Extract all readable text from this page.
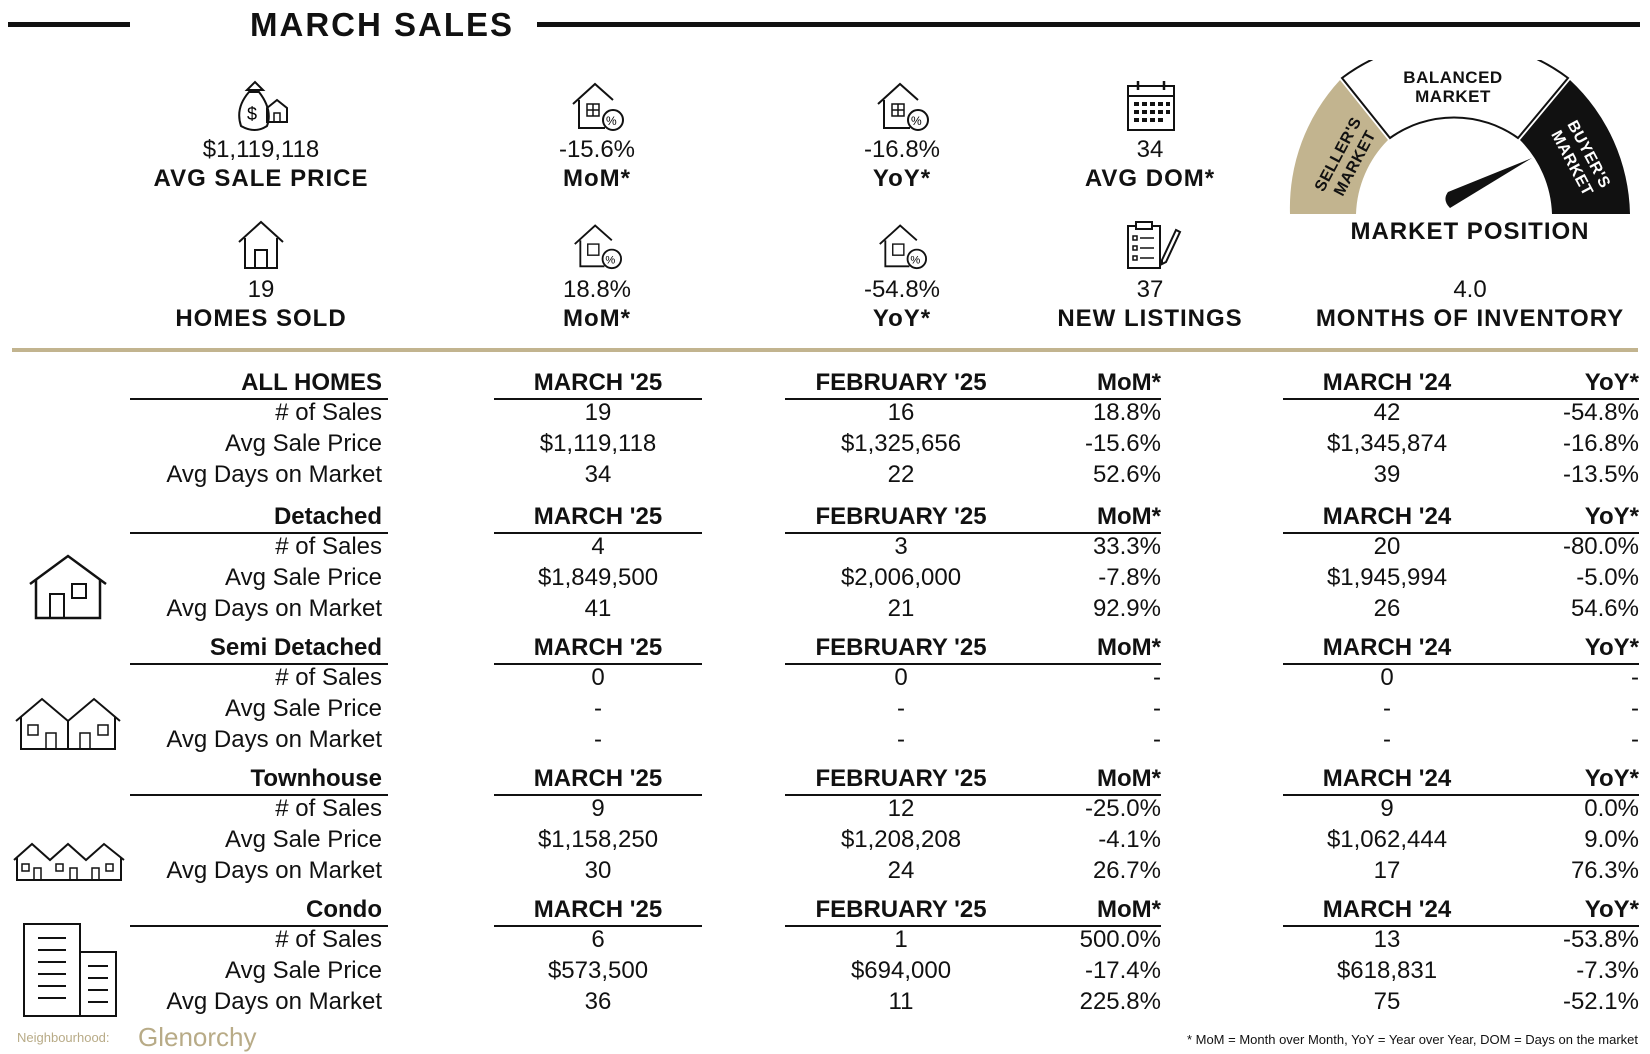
MARCH SALES
$
$1,119,118
AVG SALE PRICE
%
-15.6%
MoM*
%
-16.8%
YoY*
34
AVG DOM*
19
HOMES SOLD
%
18.8%
MoM*
%
-54.8%
YoY*
37
NEW LISTINGS
BALANCED
MARKET
SELLER'S MARKET	BUYER'S MARKET
MARKET POSITION
4.0
MONTHS OF INVENTORY
ALL HOMES	MARCH '25	FEBRUARY '25	MoM*	MARCH '24	YoY*
# of Sales	19	16	18.8%	42	-54.8%
Avg Sale Price	$1,119,118	$1,325,656	-15.6%	$1,345,874	-16.8%
Avg Days on Market	34	22	52.6%	39	-13.5%
Detached	MARCH '25	FEBRUARY '25	MoM*	MARCH '24	YoY*
# of Sales	4	3	33.3%	20	-80.0%
Avg Sale Price	$1,849,500	$2,006,000	-7.8%	$1,945,994	-5.0%
Avg Days on Market	41	21	92.9%	26	54.6%
Semi Detached	MARCH '25	FEBRUARY '25	MoM*	MARCH '24	YoY*
# of Sales	0	0	-	0	-
Avg Sale Price	-	-	-	-	-
Avg Days on Market	-	-	-	-	-
Townhouse	MARCH '25	FEBRUARY '25	MoM*	MARCH '24	YoY*
# of Sales	9	12	-25.0%	9	0.0%
Avg Sale Price	$1,158,250	$1,208,208	-4.1%	$1,062,444	9.0%
Avg Days on Market	30	24	26.7%	17	76.3%
Condo	MARCH '25	FEBRUARY '25	MoM*	MARCH '24	YoY*
# of Sales	6	1	500.0%	13	-53.8%
Avg Sale Price	$573,500	$694,000	-17.4%	$618,831	-7.3%
Avg Days on Market	36	11	225.8%	75	-52.1%
Neighbourhood: Glenorchy	* MoM = Month over Month, YoY = Year over Year, DOM = Days on the market
